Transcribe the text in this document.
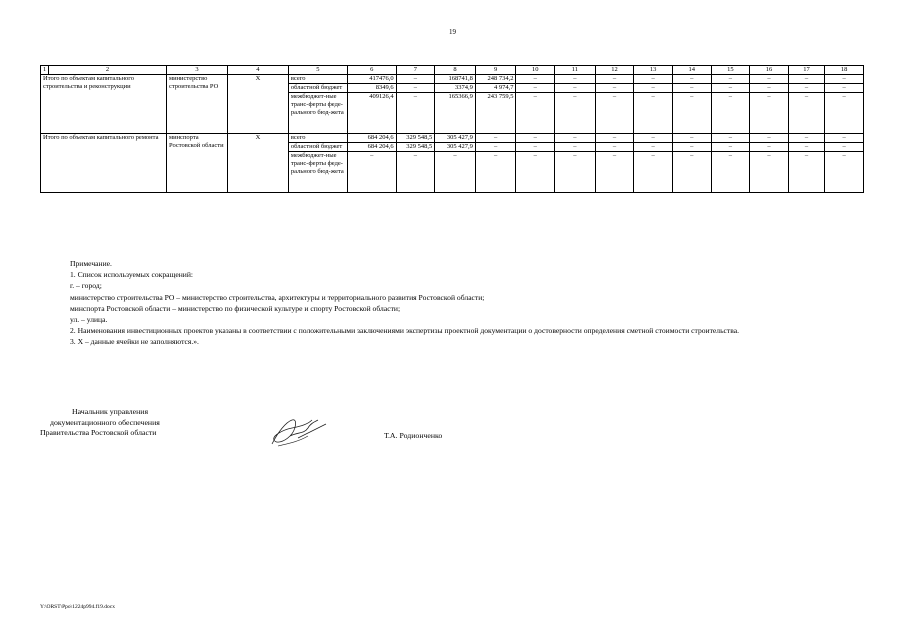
19
1	2	3	4	5	6	7	8	9	10	11	12	13	14	15	16	17	18
Итого по объектам капитального строительства и реконструкции		министерство строительства РО	Х	всего	417476,0	–	168741,8	248 734,2	–	–	–	–	–	–	–	–	–
				областной бюджет	8349,6	–	3374,9	4 974,7	–	–	–	–	–	–	–	–	–
				межбюджет-ные транс-ферты феде-рального бюд-жета	409126,4	–	165366,9	243 759,5	–	–	–	–	–	–	–	–	–
Итого по объектам капитального ремонта		минспорта Ростовской области	Х	всего	684 204,6	329 548,5	305 427,9	–	–	–	–	–	–	–	–	–	–
				областной бюджет	684 204,6	329 548,5	305 427,9	–	–	–	–	–	–	–	–	–	–
				межбюджет-ные транс-ферты феде-рального бюд-жета	–	–	–	–	–	–	–	–	–	–	–	–	–

Примечание.

1. Список используемых сокращений:

г. – город;

министерство строительства РО – министерство строительства, архитектуры и территориального развития Ростовской области;

минспорта Ростовской области – министерство по физической культуре и спорту Ростовской области;

ул. – улица.

2. Наименования инвестиционных проектов указаны в соответствии с положительными заключениями экспертизы проектной документации о достоверности определения сметной стоимости строительства.

3. Х – данные ячейки не заполняются.».

Начальник управления
документационного обеспечения
Правительства Ростовской области	Т.А. Родионченко
Y:\ORST\Ppo\1224p994.f19.docx
